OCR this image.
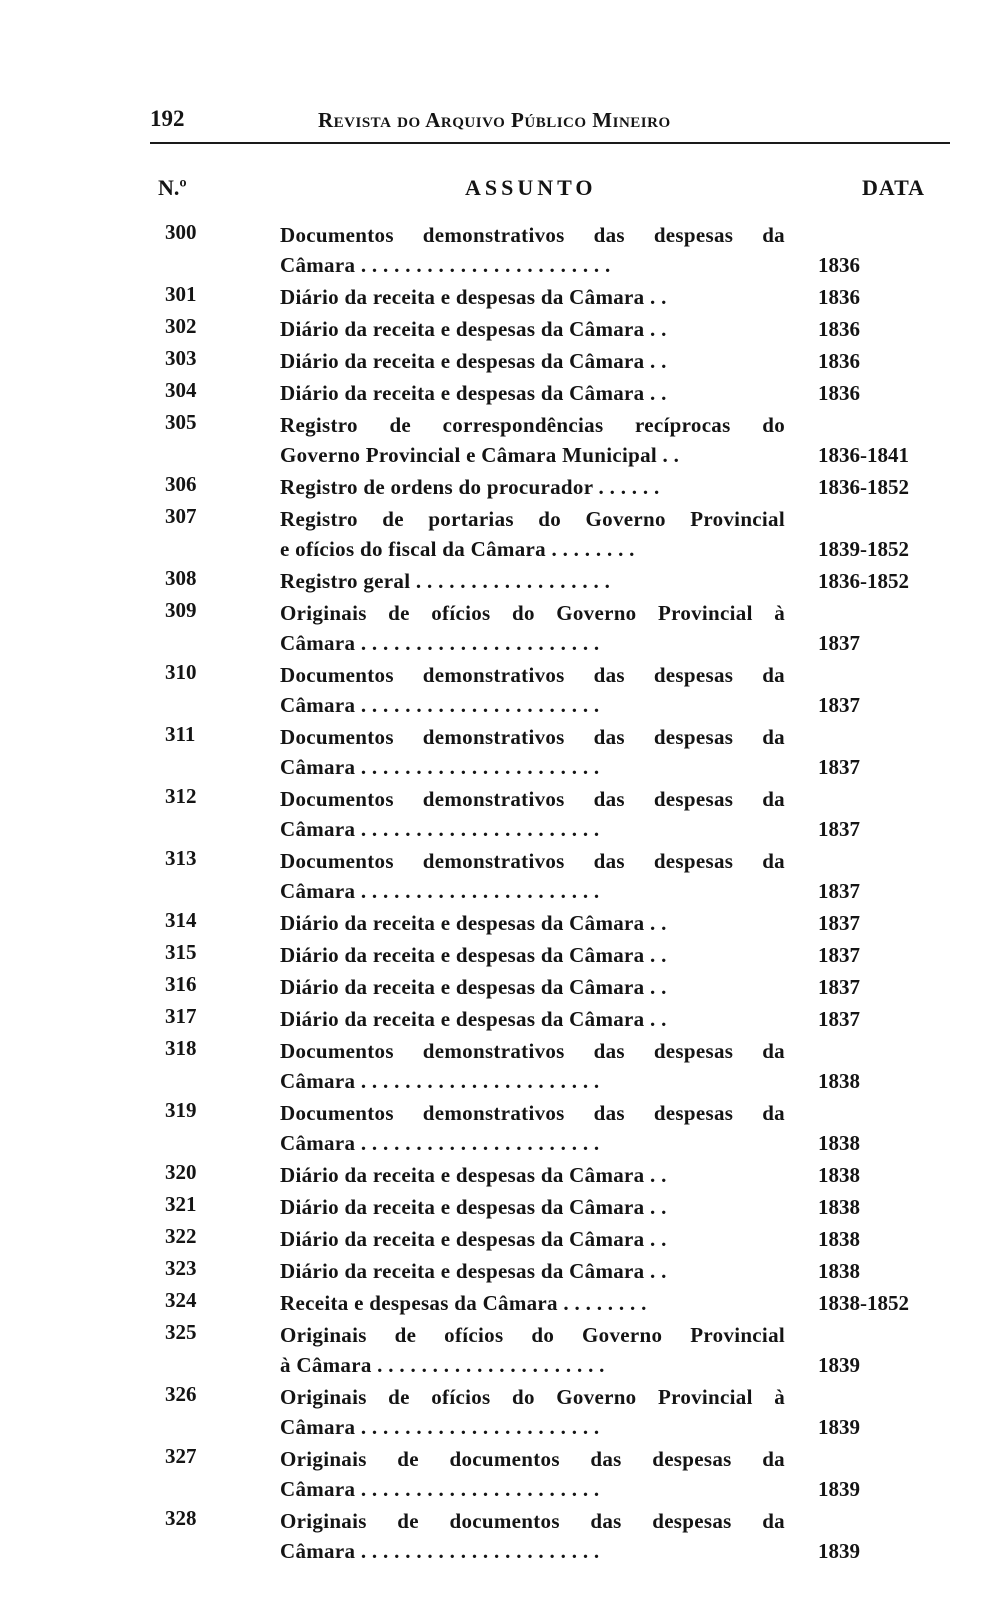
192	Revista do Arquivo Público Mineiro
N.º	ASSUNTO	DATA
300	Documentos demonstrativos das despesas da
Câmara . . . . . . . . . . . . . . . . . . . . . . .	1836
301	Diário da receita e despesas da Câmara . .	1836
302	Diário da receita e despesas da Câmara . .	1836
303	Diário da receita e despesas da Câmara . .	1836
304	Diário da receita e despesas da Câmara . .	1836
305	Registro de correspondências recíprocas do
Governo Provincial e Câmara Municipal . .	1836-1841
306	Registro de ordens do procurador . . . . . .	1836-1852
307	Registro de portarias do Governo Provincial
e ofícios do fiscal da Câmara . . . . . . . .	1839-1852
308	Registro geral . . . . . . . . . . . . . . . . . .	1836-1852
309	Originais de ofícios do Governo Provincial à
Câmara . . . . . . . . . . . . . . . . . . . . . .	1837
310	Documentos demonstrativos das despesas da
Câmara . . . . . . . . . . . . . . . . . . . . . .	1837
311	Documentos demonstrativos das despesas da
Câmara . . . . . . . . . . . . . . . . . . . . . .	1837
312	Documentos demonstrativos das despesas da
Câmara . . . . . . . . . . . . . . . . . . . . . .	1837
313	Documentos demonstrativos das despesas da
Câmara . . . . . . . . . . . . . . . . . . . . . .	1837
314	Diário da receita e despesas da Câmara . .	1837
315	Diário da receita e despesas da Câmara . .	1837
316	Diário da receita e despesas da Câmara . .	1837
317	Diário da receita e despesas da Câmara . .	1837
318	Documentos demonstrativos das despesas da
Câmara . . . . . . . . . . . . . . . . . . . . . .	1838
319	Documentos demonstrativos das despesas da
Câmara . . . . . . . . . . . . . . . . . . . . . .	1838
320	Diário da receita e despesas da Câmara . .	1838
321	Diário da receita e despesas da Câmara . .	1838
322	Diário da receita e despesas da Câmara . .	1838
323	Diário da receita e despesas da Câmara . .	1838
324	Receita e despesas da Câmara . . . . . . . .	1838-1852
325	Originais de ofícios do Governo Provincial
à Câmara . . . . . . . . . . . . . . . . . . . . .	1839
326	Originais de ofícios do Governo Provincial à
Câmara . . . . . . . . . . . . . . . . . . . . . .	1839
327	Originais de documentos das despesas da
Câmara . . . . . . . . . . . . . . . . . . . . . .	1839
328	Originais de documentos das despesas da
Câmara . . . . . . . . . . . . . . . . . . . . . .	1839
